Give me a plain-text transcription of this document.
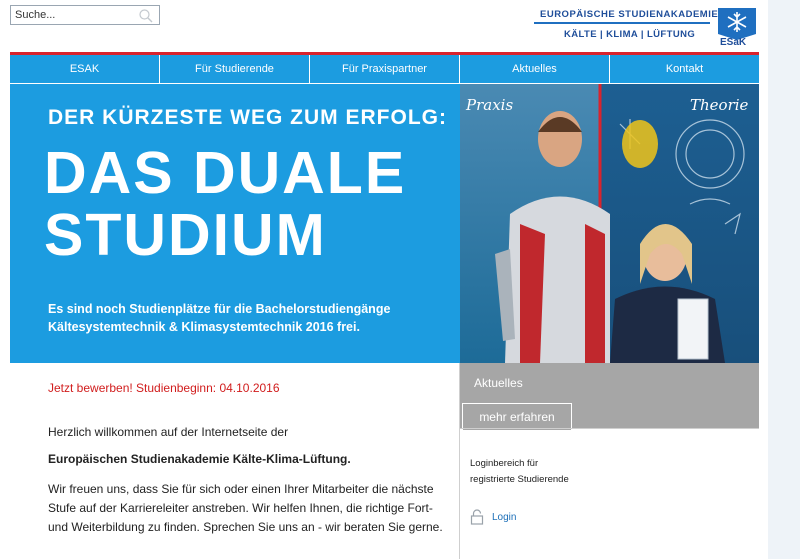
Suche...
EUROPÄISCHE STUDIENAKADEMIE
KÄLTE | KLIMA | LÜFTUNG
ESaK
ESAK	Für Studierende	Für Praxispartner	Aktuelles	Kontakt
DER KÜRZESTE WEG ZUM ERFOLG:
DAS DUALE
STUDIUM
Es sind noch Studienplätze für die Bachelorstudiengänge
Kältesystemtechnik & Klimasystemtechnik 2016 frei.
Praxis	Theorie
Jetzt bewerben! Studienbeginn: 04.10.2016
Herzlich willkommen auf der Internetseite der
Europäischen Studienakademie Kälte-Klima-Lüftung.
Wir freuen uns, dass Sie für sich oder einen Ihrer Mitarbeiter die nächste Stufe auf der Karriereleiter anstreben. Wir helfen Ihnen, die richtige Fort- und Weiterbildung zu finden. Sprechen Sie uns an - wir beraten Sie gerne.
Aktuelles
mehr erfahren
Loginbereich für
registrierte Studierende
Login
